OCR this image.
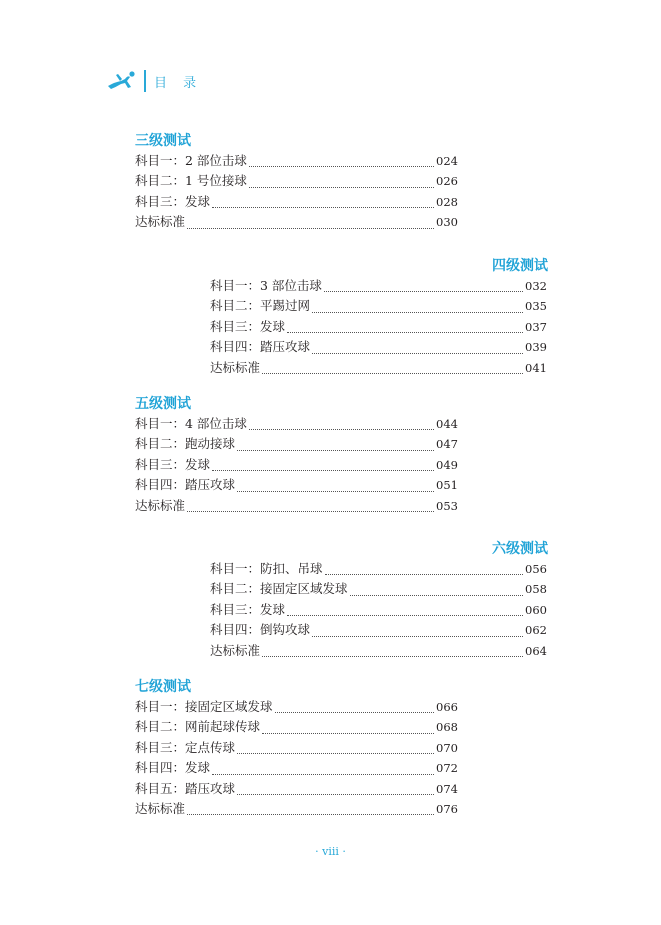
目 录
三级测试
科目一：2 部位击球	024
科目二：1 号位接球	026
科目三：发球	028
达标标准	030
四级测试
科目一：3 部位击球	032
科目二：平踢过网	035
科目三：发球	037
科目四：踏压攻球	039
达标标准	041
五级测试
科目一：4 部位击球	044
科目二：跑动接球	047
科目三：发球	049
科目四：踏压攻球	051
达标标准	053
六级测试
科目一：防扣、吊球	056
科目二：接固定区域发球	058
科目三：发球	060
科目四：倒钩攻球	062
达标标准	064
七级测试
科目一：接固定区域发球	066
科目二：网前起球传球	068
科目三：定点传球	070
科目四：发球	072
科目五：踏压攻球	074
达标标准	076
· viii ·
